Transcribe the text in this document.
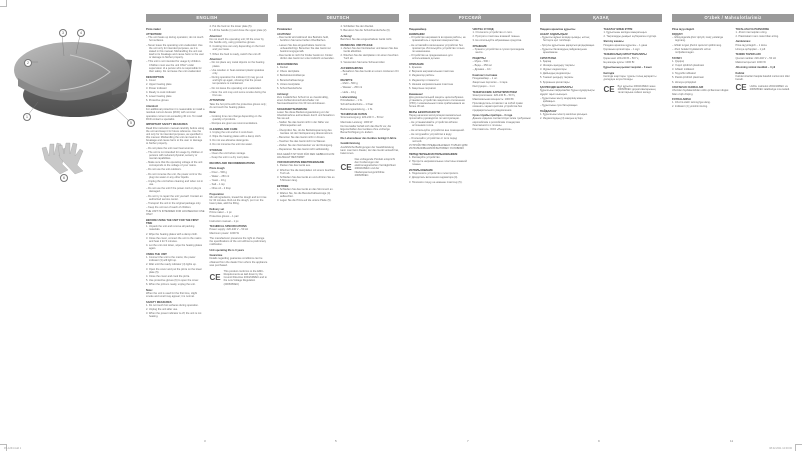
3	4
2
1
5
6
ENGLISH
Pizza maker
ATTENTION!
– The unit heats up during operation; do not touch hot surfaces.
– Never leave the operating unit unattended. Use the unit only for intended purposes, as it is stated in this manual. Mishandling the unit can lead to its breakage and cause harm to the user or damage to his/her property.
– This unit is not intended for usage by children. Children must use the unit ONLY under supervision of a person who is responsible for their safety. Do not leave the unit unattended.
DESCRIPTION
1. Cover
2. Upper heating plate
3. Power indicator
4. Ready to cook indicator
5. Lower heating plate
6. Protective gloves
Attention!
For additional protection it is reasonable to install a residual current device (RCD) with nominal operation current not exceeding 30 mA. To install RCD contact a specialist.
IMPORTANT SAFETY MEASURES
Read this instruction manual carefully before using the unit and keep it for future reference. Use the unit only for its intended purposes, as specified in this manual. Mishandling the unit can lead to its breakage and cause harm to the user or damage to his/her property.
– Do not place the unit near heat sources.
– The unit is not intended for usage by children or persons with reduced physical, sensory or mental capabilities.
– Make sure that the operating voltage of the unit corresponds to the voltage of your mains.
– Do not use the unit outdoors.
– Do not immerse the unit, the power cord or the plug into water or any other liquids.
– Unplug the unit before cleaning and when not in use.
– Do not use the unit if the power cord or plug is damaged.
– Do not try to repair the unit yourself. Contact an authorized service center.
– Transport the unit in the original package only.
– Keep the unit out of reach of children.
THE UNIT IS INTENDED FOR HOUSEHOLD USE ONLY
BEFORE USING THE UNIT FOR THE FIRST TIME
1. Unpack the unit and remove all packing materials.
2. Wipe the heating plates with a damp cloth.
3. Close the cover, connect the unit to the mains and heat it for 5 minutes.
4. Let the unit cool down, wipe the heating plates again.
USING THE UNIT
1. Connect the unit to the mains; the power indicator (3) will light up.
2. Wait until the ready indicator (4) lights up.
3. Open the cover and put the pizza on the lower plate (5).
4. Close the cover and cook the pizza.
5. Use protective gloves (6) to open the cover.
6. When the pizza is ready, unplug the unit.
Note:
When the unit is used for the first time, slight smoke and smell may appear; it is normal.
SAFETY MEASURES
1. Do not touch hot surfaces during operation.
2. Unplug the unit after use.
3. When the power indicator is off, the unit is not heating.
4. Put the food on the lower plate (5).
5. Lift the handle (1) and close the upper plate (2).
Attention!
Do not touch the operating unit; lift the cover by the handle only, using protective gloves.
6. Cooking time can vary depending on the food and your taste.
7. When the food is ready, switch the unit off.
Attention!
– Do not place any metal objects on the heating plates.
– Use wooden or heat-resistant plastic spatulas only.
– During operation the indicator (4) may go out and light up again, showing that the preset temperature is maintained.
– Do not leave the operating unit unattended.
– Note: the unit may emit some smoke during the first use.
ATTENTION!
Take the hot pizza with the protective gloves only; do not touch the heating plates.
Note:
– Cooking time can change depending on the quantity of products.
– Recipes are given as recommendations.
CLEANING AND CARE
1. Unplug the unit and let it cool down.
2. Wipe the heating plates with a damp cloth.
3. Do not use abrasive detergents.
4. Do not immerse the unit into water.
STORAGE
– Clean the unit before storage.
– Keep the unit in a dry cool place.
RECIPES AND RECOMMENDATIONS
Pizza dough
– Flour – 500 g
– Water – 250 ml
– Yeast – 10 g
– Salt – 1 tsp
– Olive oil – 2 tbsp
Preparation
Mix all ingredients, knead the dough and let it rise for 30 minutes. Roll out the dough, put it on the lower plate, add the filling.
Delivery set
Pizza maker – 1 pc.
Protective gloves – 1 pair
Instruction manual – 1 pc.
TECHNICAL SPECIFICATIONS
Power supply: 220-240 V ~ 50 Hz
Maximum power: 1000 W
The manufacturer preserves the right to change the specifications of the unit without a preliminary notification.
Unit operating life is 3 years
Guarantee
Details regarding guarantee conditions can be obtained from the dealer from whom the appliance was purchased.
CE
This product conforms to the EMC-Requirements as laid down by the Council Directive 2004/108/EC and to the Low Voltage Regulation (2006/95/EC)
3
DEUTSCH
Pizzabäcker
ACHTUNG!
– Das Gerät wird während des Betriebs heiß, berühren Sie keine heißen Oberflächen.
– Lassen Sie das eingeschaltete Gerät nie unbeaufsichtigt. Benutzen Sie das Gerät nur bestimmungsgemäß.
– Das Gerät ist nicht für Kinder bestimmt. Kinder dürfen das Gerät nur unter Aufsicht verwenden.
BESCHREIBUNG
1. Deckel
2. Obere Heizplatte
3. Betriebskontrolllampe
4. Bereitschaftsanzeige
5. Untere Heizplatte
6. Schutzhandschuhe
Achtung!
Zum zusätzlichen Schutz ist es zweckmäßig, einen Fehlerstromschutzschalter mit Nennauslösestrom bis 30 mA einzubauen.
SICHERHEITSHINWEISE
Lesen Sie diese Bedienungsanleitung vor der Inbetriebnahme aufmerksam durch und bewahren Sie sie auf.
– Stellen Sie das Gerät nicht in der Nähe von Wärmequellen auf.
– Überprüfen Sie, ob die Betriebsspannung des Gerätes mit der Netzspannung übereinstimmt.
– Benutzen Sie das Gerät nicht im Freien.
– Tauchen Sie das Gerät nicht ins Wasser.
– Ziehen Sie den Netzstecker vor der Reinigung.
– Reparieren Sie das Gerät nicht selbständig.
DAS GERÄT IST NUR FÜR DEN GEBRAUCH IM HAUSHALT BESTIMMT
VOR DER ERSTEN INBETRIEBNAHME
1. Packen Sie das Gerät aus.
2. Wischen Sie die Heizplatten mit einem feuchten Tuch ab.
3. Schließen Sie das Gerät an und erhitzen Sie es 5 Minuten lang.
BETRIEB
1. Schließen Sie das Gerät an das Stromnetz an.
2. Warten Sie, bis die Bereitschaftsanzeige (4) aufleuchtet.
3. Legen Sie die Pizza auf die untere Platte (5).
4. Schließen Sie den Deckel.
5. Benutzen Sie die Schutzhandschuhe (6).
Achtung!
Berühren Sie das eingeschaltete Gerät nicht.
REINIGUNG UND PFLEGE
1. Ziehen Sie den Netzstecker und lassen Sie das Gerät abkühlen.
2. Wischen Sie die Heizplatten mit einem feuchten Tuch ab.
3. Verwenden Sie keine Scheuermittel.
AUFBEWAHRUNG
– Bewahren Sie das Gerät an einem trockenen Ort auf.
REZEPTE
– Mehl – 500 g
– Wasser – 250 ml
– Hefe – 10 g
Lieferumfang
Pizzabäcker – 1 St.
Schutzhandschuhe – 1 Paar
Bedienungsanleitung – 1 St.
TECHNISCHE DATEN
Stromversorgung: 220-240 V ~ 50 Hz
Maximale Leistung: 1000 W
Der Hersteller behält sich das Recht vor, die Eigenschaften des Gerätes ohne vorherige Benachrichtigung zu ändern.
Die Lebensdauer des Gerätes beträgt 3 Jahre
Gewährleistung
Ausführliche Bedingungen der Gewährleistung kann man beim Dealer, der das Gerät verkauft hat, bekommen.
CE
Das vorliegende Produkt entspricht den Forderungen der elektromagnetischen Verträglichkeit 2004/108/EC und der Niederspannungsrichtlinie 2006/95/EC.
5
РУССКИЙ
Пиццемейкер
ВНИМАНИЕ!
– Устройство нагревается во время работы, не прикасайтесь к горячим поверхностям.
– Не оставляйте включенное устройство без присмотра. Используйте устройство только по назначению.
– Устройство не предназначено для использования детьми.
ОПИСАНИЕ
1. Крышка
2. Верхняя нагревательная пластина
3. Индикатор работы
4. Индикатор готовности
5. Нижняя нагревательная пластина
6. Защитные перчатки
Внимание!
Для дополнительной защиты целесообразно установить устройство защитного отключения (УЗО) с номинальным током срабатывания не более 30 мА.
МЕРЫ БЕЗОПАСНОСТИ
Перед началом эксплуатации внимательно прочитайте руководство по эксплуатации.
– Не устанавливайте устройство вблизи источников тепла.
– Не используйте устройство вне помещений.
– Не погружайте устройство в воду.
– Отключайте устройство от сети перед чисткой.
УСТРОЙСТВО ПРЕДНАЗНАЧЕНО ТОЛЬКО ДЛЯ ИСПОЛЬЗОВАНИЯ В БЫТОВЫХ УСЛОВИЯХ
ПЕРЕД ПЕРВЫМ ИСПОЛЬЗОВАНИЕМ
1. Распакуйте устройство.
2. Протрите нагревательные пластины влажной тканью.
ИСПОЛЬЗОВАНИЕ
1. Подключите устройство к электросети.
2. Дождитесь включения индикатора (4).
3. Положите пиццу на нижнюю пластину (5).
ЧИСТКА И УХОД
1. Отключите устройство от сети.
2. Протрите пластины влажной тканью.
3. Не используйте абразивные средства.
ХРАНЕНИЕ
– Храните устройство в сухом прохладном месте.
РЕЦЕПТЫ
– Мука – 500 г
– Вода – 250 мл
– Дрожжи – 10 г
Комплект поставки
Пиццемейкер – 1 шт.
Защитные перчатки – 1 пара
Инструкция – 1 шт.
ТЕХНИЧЕСКИЕ ХАРАКТЕРИСТИКИ
Электропитание: 220-240 В ~ 50 Гц
Максимальная мощность: 1000 Вт
Производитель оставляет за собой право изменять характеристики устройства без предварительного уведомления.
Срок службы прибора – 3 года
Данное изделие соответствует всем требуемым европейским и российским стандартам безопасности и гигиены.
Изготовитель: ООО «Пьюритек»
7
ҚАЗАҚ
Пиццаға арналған құрылғы
НАЗАР АУДАРЫҢЫЗ!
– Құрылғы жұмыс кезінде қызады, ыстық беттерге қол тигізбеңіз.
– Қосулы құрылғыны қараусыз қалдырмаңыз.
– Құрылғы балалардың пайдалануына арналмаған.
СИПАТТАМА
1. Қақпақ
2. Жоғарғы қыздыру тақтасы
3. Жұмыс индикаторы
4. Дайындық индикаторы
5. Төменгі қыздыру тақтасы
6. Қорғаныш қолғаптары
ҚАУІПСІЗДІК ШАРАЛАРЫ
Құрылғыны пайдаланбас бұрын нұсқаулықты мұқият оқып шығыңыз.
– Құрылғыны жылу көздерінің жанына қоймаңыз.
– Құрылғыны суға батырмаңыз.
ПАЙДАЛАНУ
1. Құрылғыны электр желісіне қосыңыз.
2. Индикатордың (4) жануын күтіңіз.
ТАЗАЛАУ ЖӘНЕ КҮТІМ
1. Құрылғыны желіден ажыратыңыз.
2. Тақталарды дымқыл шүберекпен сүртіңіз.
Жеткізу жинағы
Пиццаға арналған құрылғы – 1 дана
Қорғаныш қолғаптары – 1 жұп
ТЕХНИКАЛЫҚ СИПАТТАМАЛАРЫ
Қорек көзі: 220-240 В ~ 50 Гц
Ең жоғары қуаты: 1000 Вт
Құрылғының қызмет мерзімі – 3 жыл
Кепілдік
Кепілдік шарттары туралы толық ақпаратты дилерден алуға болады.
CE Бұл құрылғы 2004/108/EC және 2006/95/EC директиваларының талаптарына сәйкес келеді.
9
O'zbek / Mahsulotlarimiz
Pitsa tayyorlagich
DIQQAT!
– Ishlayotganda jihoz qiziydi, issiq yuzalarga tegmang.
– Ishlab turgan jihozni qarovsiz qoldirmang.
– Jihoz bolalar foydalanishi uchun mo'ljallanmagan.
TAVSIFI
1. Qopqoq
2. Yuqori qizdirish plastinasi
3. Ishlash indikatori
4. Tayyorlik indikatori
5. Pastki qizdirish plastinasi
6. Himoya qo'lqoplari
XAVFSIZLIK CHORALARI
Jihozdan foydalanishdan oldin qo'llanmani diqqat bilan o'qib chiqing.
FOYDALANISH
1. Jihozni elektr tarmog'iga ulang.
2. Indikator (4) yonishini kuting.
TOZALASH VA PARVARISH
1. Jihozni tarmoqdan uzing.
2. Plastinalarni nam mato bilan arting.
Jamlanmasi
Pitsa tayyorlagich – 1 dona
Himoya qo'lqoplari – 1 juft
TEXNIK TAVSIFLARI
Quvvat manbai: 220-240 V ~ 50 Hz
Maksimal quvvati: 1000 W
Jihozning xizmat muddati – 3 yil
Kafolat
Kafolat shartlari haqida batafsil ma'lumotni diler beradi.
CE Ushbu mahsulot 2004/108/EC va 2006/95/EC talablariga mos keladi.
11
PZ-1234.indd 1	08.02.2011 12:00:00
